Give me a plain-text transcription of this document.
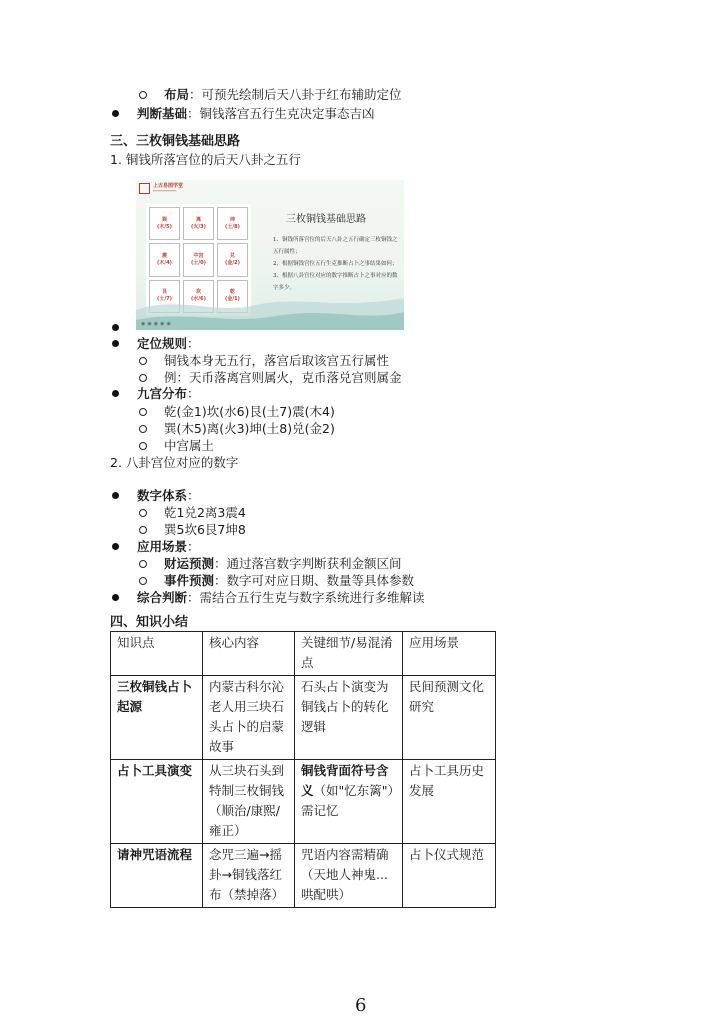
布局：可预先绘制后天八卦于红布辅助定位
判断基础：铜钱落宫五行生克决定事态吉凶
三、三枚铜钱基础思路
1. 铜钱所落宫位的后天八卦之五行
上古易图学堂
━━━━━━━━━━━━━
巽
(木/5)
离
(火/3)
坤
(土/8)
震
(木/4)
中宫
(土/0)
兑
(金/2)
艮
(土/7)
坎
(水/6)
乾
(金/1)
三枚铜钱基础思路
1、铜钱所落宫位的后天八卦之五行确定三枚铜钱之五行属性；
2、根据铜钱宫位五行生克推断占卜之事结果如何；
3、根据八卦宫位对应的数字推断占卜之事对应的数字多少。
◉◉◉◉◉
定位规则：
铜钱本身无五行，落宫后取该宫五行属性
例：天币落离宫则属火，克币落兑宫则属金
九宫分布：
乾(金1)坎(水6)艮(土7)震(木4)
巽(木5)离(火3)坤(土8)兑(金2)
中宫属土
2. 八卦宫位对应的数字
数字体系：
乾1兑2离3震4
巽5坎6艮7坤8
应用场景：
财运预测：通过落宫数字判断获利金额区间
事件预测：数字可对应日期、数量等具体参数
综合判断：需结合五行生克与数字系统进行多维解读
四、知识小结
知识点	核心内容	关键细节/易混淆点	应用场景
三枚铜钱占卜起源	内蒙古科尔沁老人用三块石头占卜的启蒙故事	石头占卜演变为铜钱占卜的转化逻辑	民间预测文化研究
占卜工具演变	从三块石头到特制三枚铜钱（顺治/康熙/雍正）	铜钱背面符号含义（如"忆东篱"）需记忆	占卜工具历史发展
请神咒语流程	念咒三遍→摇卦→铜钱落红布（禁掉落）	咒语内容需精确（天地人神鬼...哄配哄）	占卜仪式规范
6
